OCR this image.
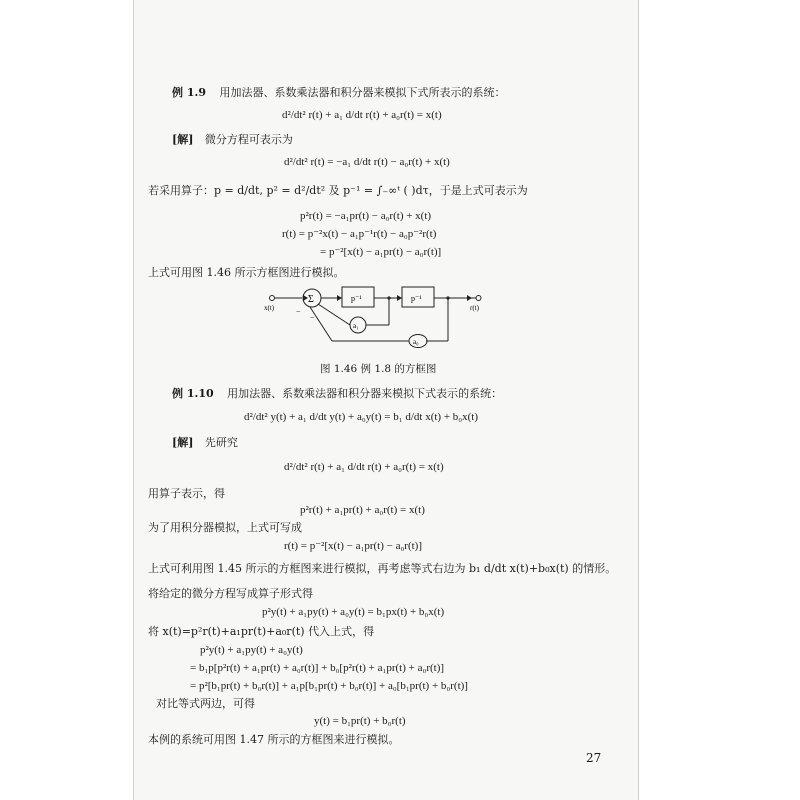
例 1.9 用加法器、系数乘法器和积分器来模拟下式所表示的系统：
d²/dt² r(t) + a₁ d/dt r(t) + a₀r(t) = x(t)
[解] 微分方程可表示为
d²/dt² r(t) = −a₁ d/dt r(t) − a₀r(t) + x(t)
若采用算子：p = d/dt, p² = d²/dt² 及 p⁻¹ = ∫₋∞ᵗ ( )dτ，于是上式可表示为
p²r(t) = −a₁pr(t) − a₀r(t) + x(t)
r(t) = p⁻²x(t) − a₁p⁻¹r(t) − a₀p⁻²r(t)
= p⁻²[x(t) − a₁pr(t) − a₀r(t)]
上式可用图 1.46 所示方框图进行模拟。
x(t)	r(t)
Σ	p⁻¹	p⁻¹
a₁
a₀
−
−
图 1.46 例 1.8 的方框图
例 1.10 用加法器、系数乘法器和积分器来模拟下式表示的系统：
d²/dt² y(t) + a₁ d/dt y(t) + a₀y(t) = b₁ d/dt x(t) + b₀x(t)
[解] 先研究
d²/dt² r(t) + a₁ d/dt r(t) + a₀r(t) = x(t)
用算子表示，得
p²r(t) + a₁pr(t) + a₀r(t) = x(t)
为了用积分器模拟，上式可写成
r(t) = p⁻²[x(t) − a₁pr(t) − a₀r(t)]
上式可利用图 1.45 所示的方框图来进行模拟，再考虑等式右边为 b₁ d/dt x(t)+b₀x(t) 的情形。
将给定的微分方程写成算子形式得
p²y(t) + a₁py(t) + a₀y(t) = b₁px(t) + b₀x(t)
将 x(t)=p²r(t)+a₁pr(t)+a₀r(t) 代入上式，得
p²y(t) + a₁py(t) + a₀y(t)
= b₁p[p²r(t) + a₁pr(t) + a₀r(t)] + b₀[p²r(t) + a₁pr(t) + a₀r(t)]
= p²[b₁pr(t) + b₀r(t)] + a₁p[b₁pr(t) + b₀r(t)] + a₀[b₁pr(t) + b₀r(t)]
对比等式两边，可得
y(t) = b₁pr(t) + b₀r(t)
本例的系统可用图 1.47 所示的方框图来进行模拟。
27
